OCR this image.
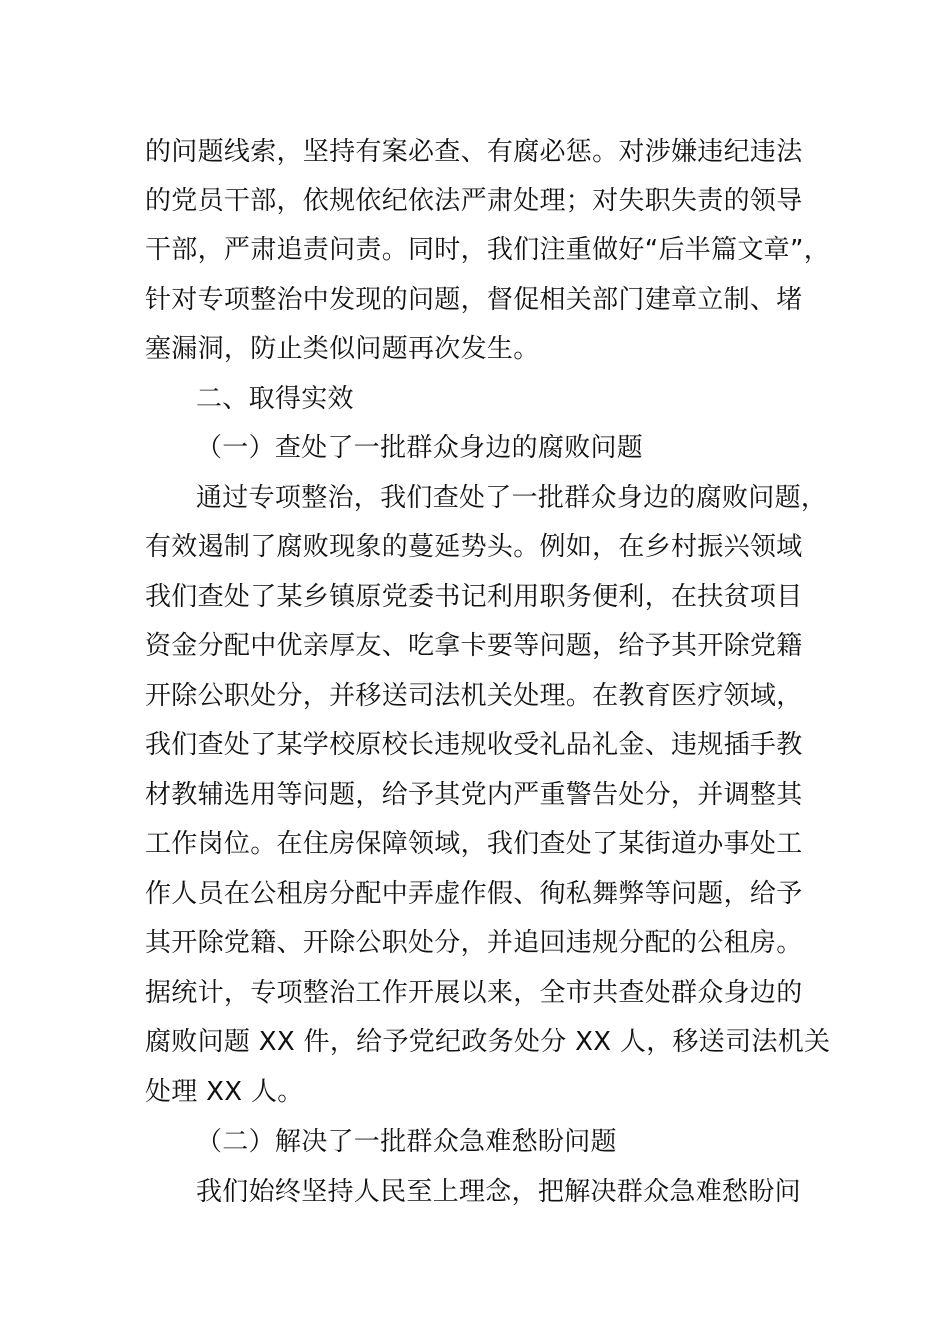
的问题线索，坚持有案必查、有腐必惩。对涉嫌违纪违法
的党员干部，依规依纪依法严肃处理；对失职失责的领导
干部，严肃追责问责。同时，我们注重做好“后半篇文章”，
针对专项整治中发现的问题，督促相关部门建章立制、堵
塞漏洞，防止类似问题再次发生。
二、取得实效
（一）查处了一批群众身边的腐败问题
通过专项整治，我们查处了一批群众身边的腐败问题，
有效遏制了腐败现象的蔓延势头。例如，在乡村振兴领域
我们查处了某乡镇原党委书记利用职务便利，在扶贫项目
资金分配中优亲厚友、吃拿卡要等问题，给予其开除党籍
开除公职处分，并移送司法机关处理。在教育医疗领域，
我们查处了某学校原校长违规收受礼品礼金、违规插手教
材教辅选用等问题，给予其党内严重警告处分，并调整其
工作岗位。在住房保障领域，我们查处了某街道办事处工
作人员在公租房分配中弄虚作假、徇私舞弊等问题，给予
其开除党籍、开除公职处分，并追回违规分配的公租房。
据统计，专项整治工作开展以来，全市共查处群众身边的
腐败问题 XX 件，给予党纪政务处分 XX 人，移送司法机关
处理 XX 人。
（二）解决了一批群众急难愁盼问题
我们始终坚持人民至上理念，把解决群众急难愁盼问
